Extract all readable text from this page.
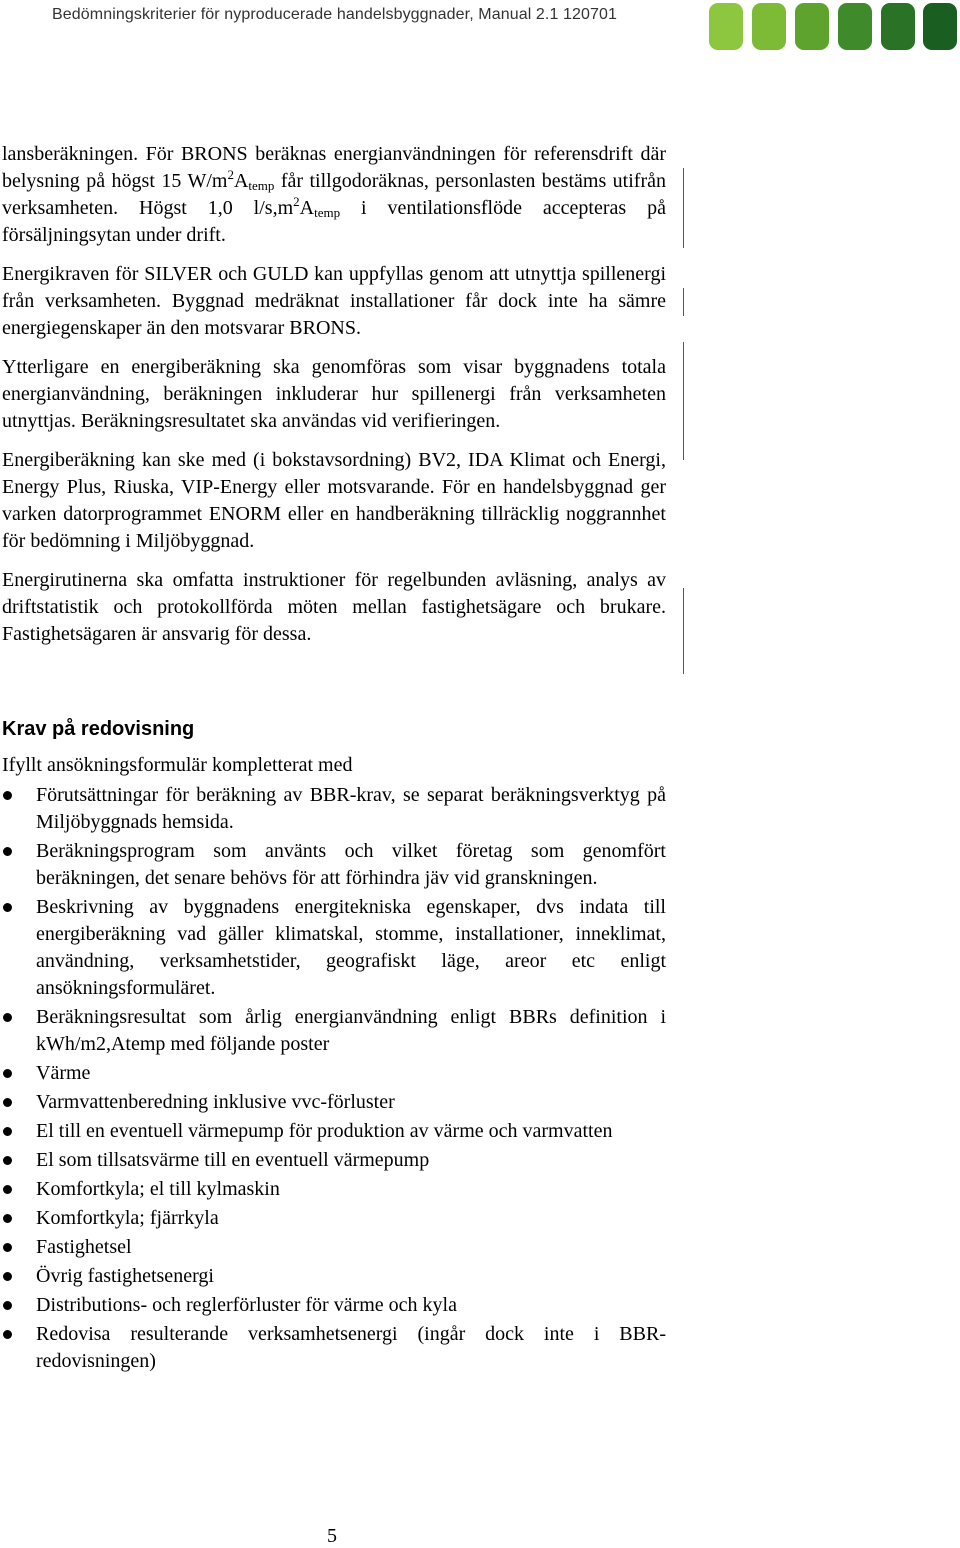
Bedömningskriterier för nyproducerade handelsbyggnader, Manual 2.1 120701

lansberäkningen. För BRONS beräknas energianvändningen för referensdrift där belysning på högst 15 $W/m^2Atemp$ får tillgodoräknas, personlasten bestäms utifrån verksamheten. Högst 1,0 $l/s,m^2Atemp$ i ventilationsflöde accepteras på försäljningsytan under drift.

Energikraven för SILVER och GULD kan uppfyllas genom att utnyttja spillenergi från verksamheten. Byggnad medräknat installationer får dock inte ha sämre energiegenskaper än den motsvarar BRONS.

Ytterligare en energiberäkning ska genomföras som visar byggnadens totala energianvändning, beräkningen inkluderar hur spillenergi från verksamheten utnyttjas. Beräkningsresultatet ska användas vid verifieringen.

Energiberäkning kan ske med (i bokstavsordning) BV2, IDA Klimat och Energi, Energy Plus, Riuska, VIP-Energy eller motsvarande. För en handelsbyggnad ger varken datorprogrammet ENORM eller en handberäkning tillräcklig noggrannhet för bedömning i Miljöbyggnad.

Energirutinerna ska omfatta instruktioner för regelbunden avläsning, analys av driftstatistik och protokollförda möten mellan fastighetsägare och brukare. Fastighetsägaren är ansvarig för dessa.

Krav på redovisning
Ifyllt ansökningsformulär kompletterat med
Förutsättningar för beräkning av BBR-krav, se separat beräkningsverktyg på Miljöbyggnads hemsida.
Beräkningsprogram som använts och vilket företag som genomfört beräkningen, det senare behövs för att förhindra jäv vid granskningen.
Beskrivning av byggnadens energitekniska egenskaper, dvs indata till energiberäkning vad gäller klimatskal, stomme, installationer, inneklimat, användning, verksamhetstider, geografiskt läge, areor etc enligt ansökningsformuläret.
Beräkningsresultat som årlig energianvändning enligt BBRs definition i kWh/m2,Atemp med följande poster
Värme
Varmvattenberedning inklusive vvc-förluster
El till en eventuell värmepump för produktion av värme och varmvatten
El som tillsatsvärme till en eventuell värmepump
Komfortkyla; el till kylmaskin
Komfortkyla; fjärrkyla
Fastighetsel
Övrig fastighetsenergi
Distributions- och reglerförluster för värme och kyla
Redovisa resulterande verksamhetsenergi (ingår dock inte i BBR-redovisningen)
5
